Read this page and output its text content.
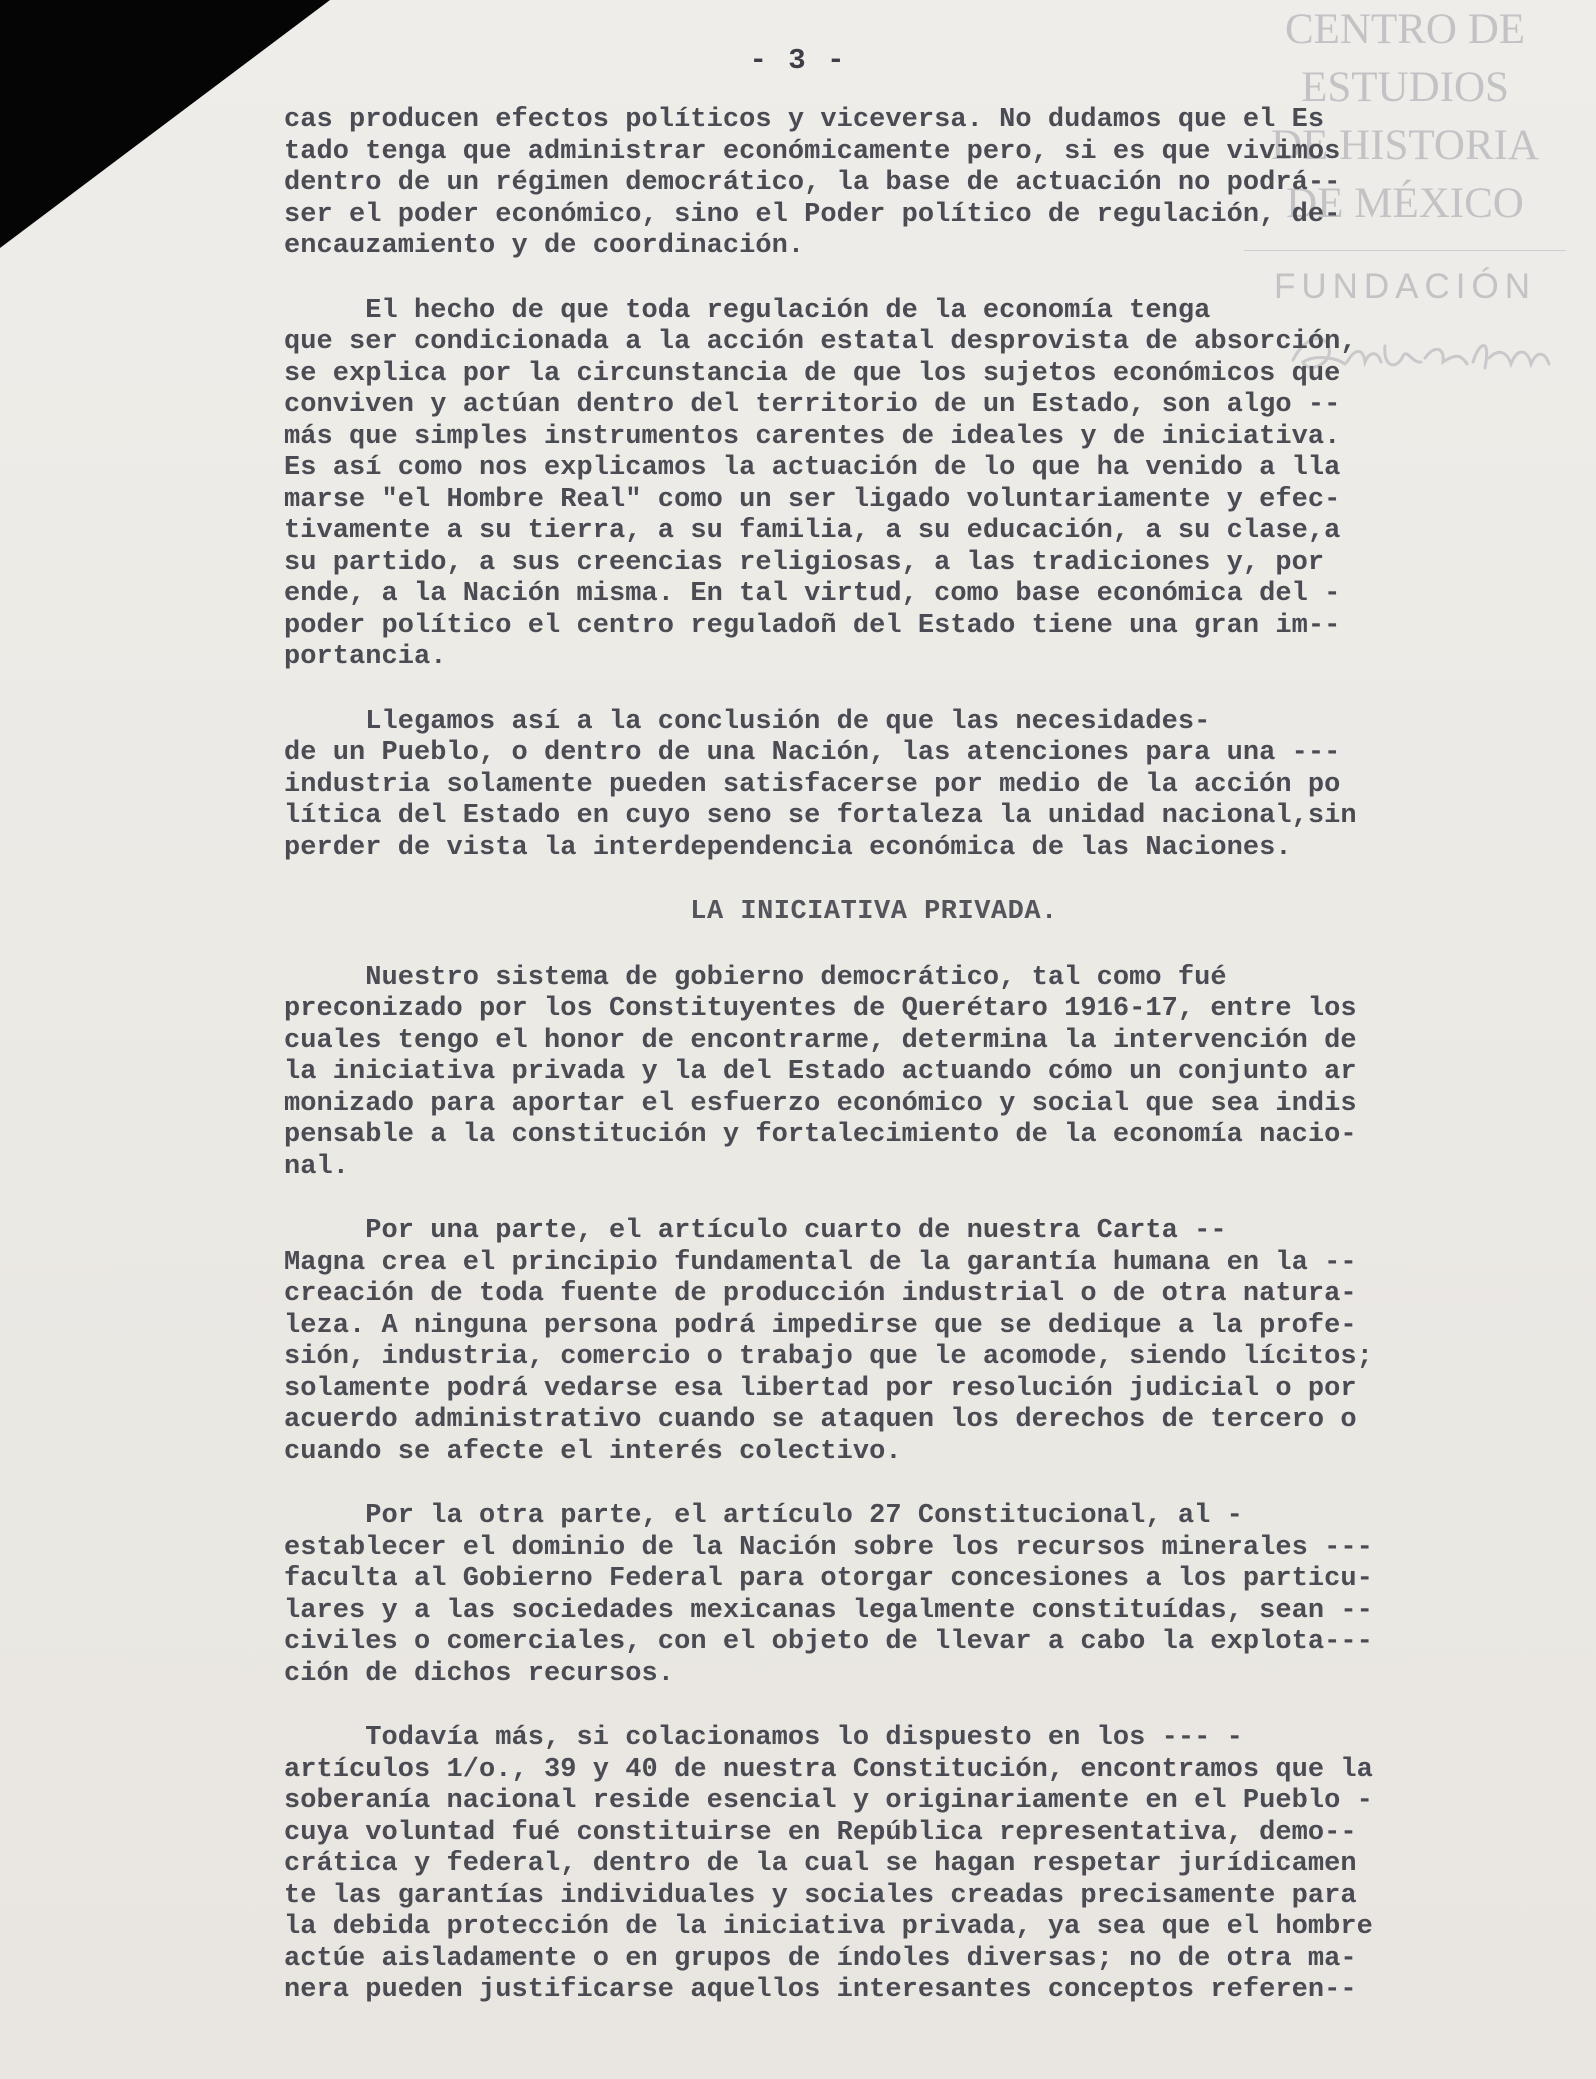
CENTRO DE
ESTUDIOS
DE HISTORIA
DE MÉXICO
FUNDACIÓN
- 3 -
cas producen efectos políticos y viceversa. No dudamos que el Es
tado tenga que administrar económicamente pero, si es que vivimos
dentro de un régimen democrático, la base de actuación no podrá--
ser el poder económico, sino el Poder político de regulación, de-
encauzamiento y de coordinación.
El hecho de que toda regulación de la economía tenga
que ser condicionada a la acción estatal desprovista de absorción,
se explica por la circunstancia de que los sujetos económicos que
conviven y actúan dentro del territorio de un Estado, son algo --
más que simples instrumentos carentes de ideales y de iniciativa.
Es así como nos explicamos la actuación de lo que ha venido a lla
marse "el Hombre Real" como un ser ligado voluntariamente y efec-
tivamente a su tierra, a su familia, a su educación, a su clase,a
su partido, a sus creencias religiosas, a las tradiciones y, por
ende, a la Nación misma. En tal virtud, como base económica del -
poder político el centro reguladoñ del Estado tiene una gran im--
portancia.
Llegamos así a la conclusión de que las necesidades-
de un Pueblo, o dentro de una Nación, las atenciones para una ---
industria solamente pueden satisfacerse por medio de la acción po
lítica del Estado en cuyo seno se fortaleza la unidad nacional,sin
perder de vista la interdependencia económica de las Naciones.
LA INICIATIVA PRIVADA.
Nuestro sistema de gobierno democrático, tal como fué
preconizado por los Constituyentes de Querétaro 1916-17, entre los
cuales tengo el honor de encontrarme, determina la intervención de
la iniciativa privada y la del Estado actuando cómo un conjunto ar
monizado para aportar el esfuerzo económico y social que sea indis
pensable a la constitución y fortalecimiento de la economía nacio-
nal.
Por una parte, el artículo cuarto de nuestra Carta --
Magna crea el principio fundamental de la garantía humana en la --
creación de toda fuente de producción industrial o de otra natura-
leza. A ninguna persona podrá impedirse que se dedique a la profe-
sión, industria, comercio o trabajo que le acomode, siendo lícitos;
solamente podrá vedarse esa libertad por resolución judicial o por
acuerdo administrativo cuando se ataquen los derechos de tercero o
cuando se afecte el interés colectivo.
Por la otra parte, el artículo 27 Constitucional, al -
establecer el dominio de la Nación sobre los recursos minerales ---
faculta al Gobierno Federal para otorgar concesiones a los particu-
lares y a las sociedades mexicanas legalmente constituídas, sean --
civiles o comerciales, con el objeto de llevar a cabo la explota---
ción de dichos recursos.
Todavía más, si colacionamos lo dispuesto en los --- -
artículos 1/o., 39 y 40 de nuestra Constitución, encontramos que la
soberanía nacional reside esencial y originariamente en el Pueblo -
cuya voluntad fué constituirse en República representativa, demo--
crática y federal, dentro de la cual se hagan respetar jurídicamen
te las garantías individuales y sociales creadas precisamente para
la debida protección de la iniciativa privada, ya sea que el hombre
actúe aisladamente o en grupos de índoles diversas; no de otra ma-
nera pueden justificarse aquellos interesantes conceptos referen--
